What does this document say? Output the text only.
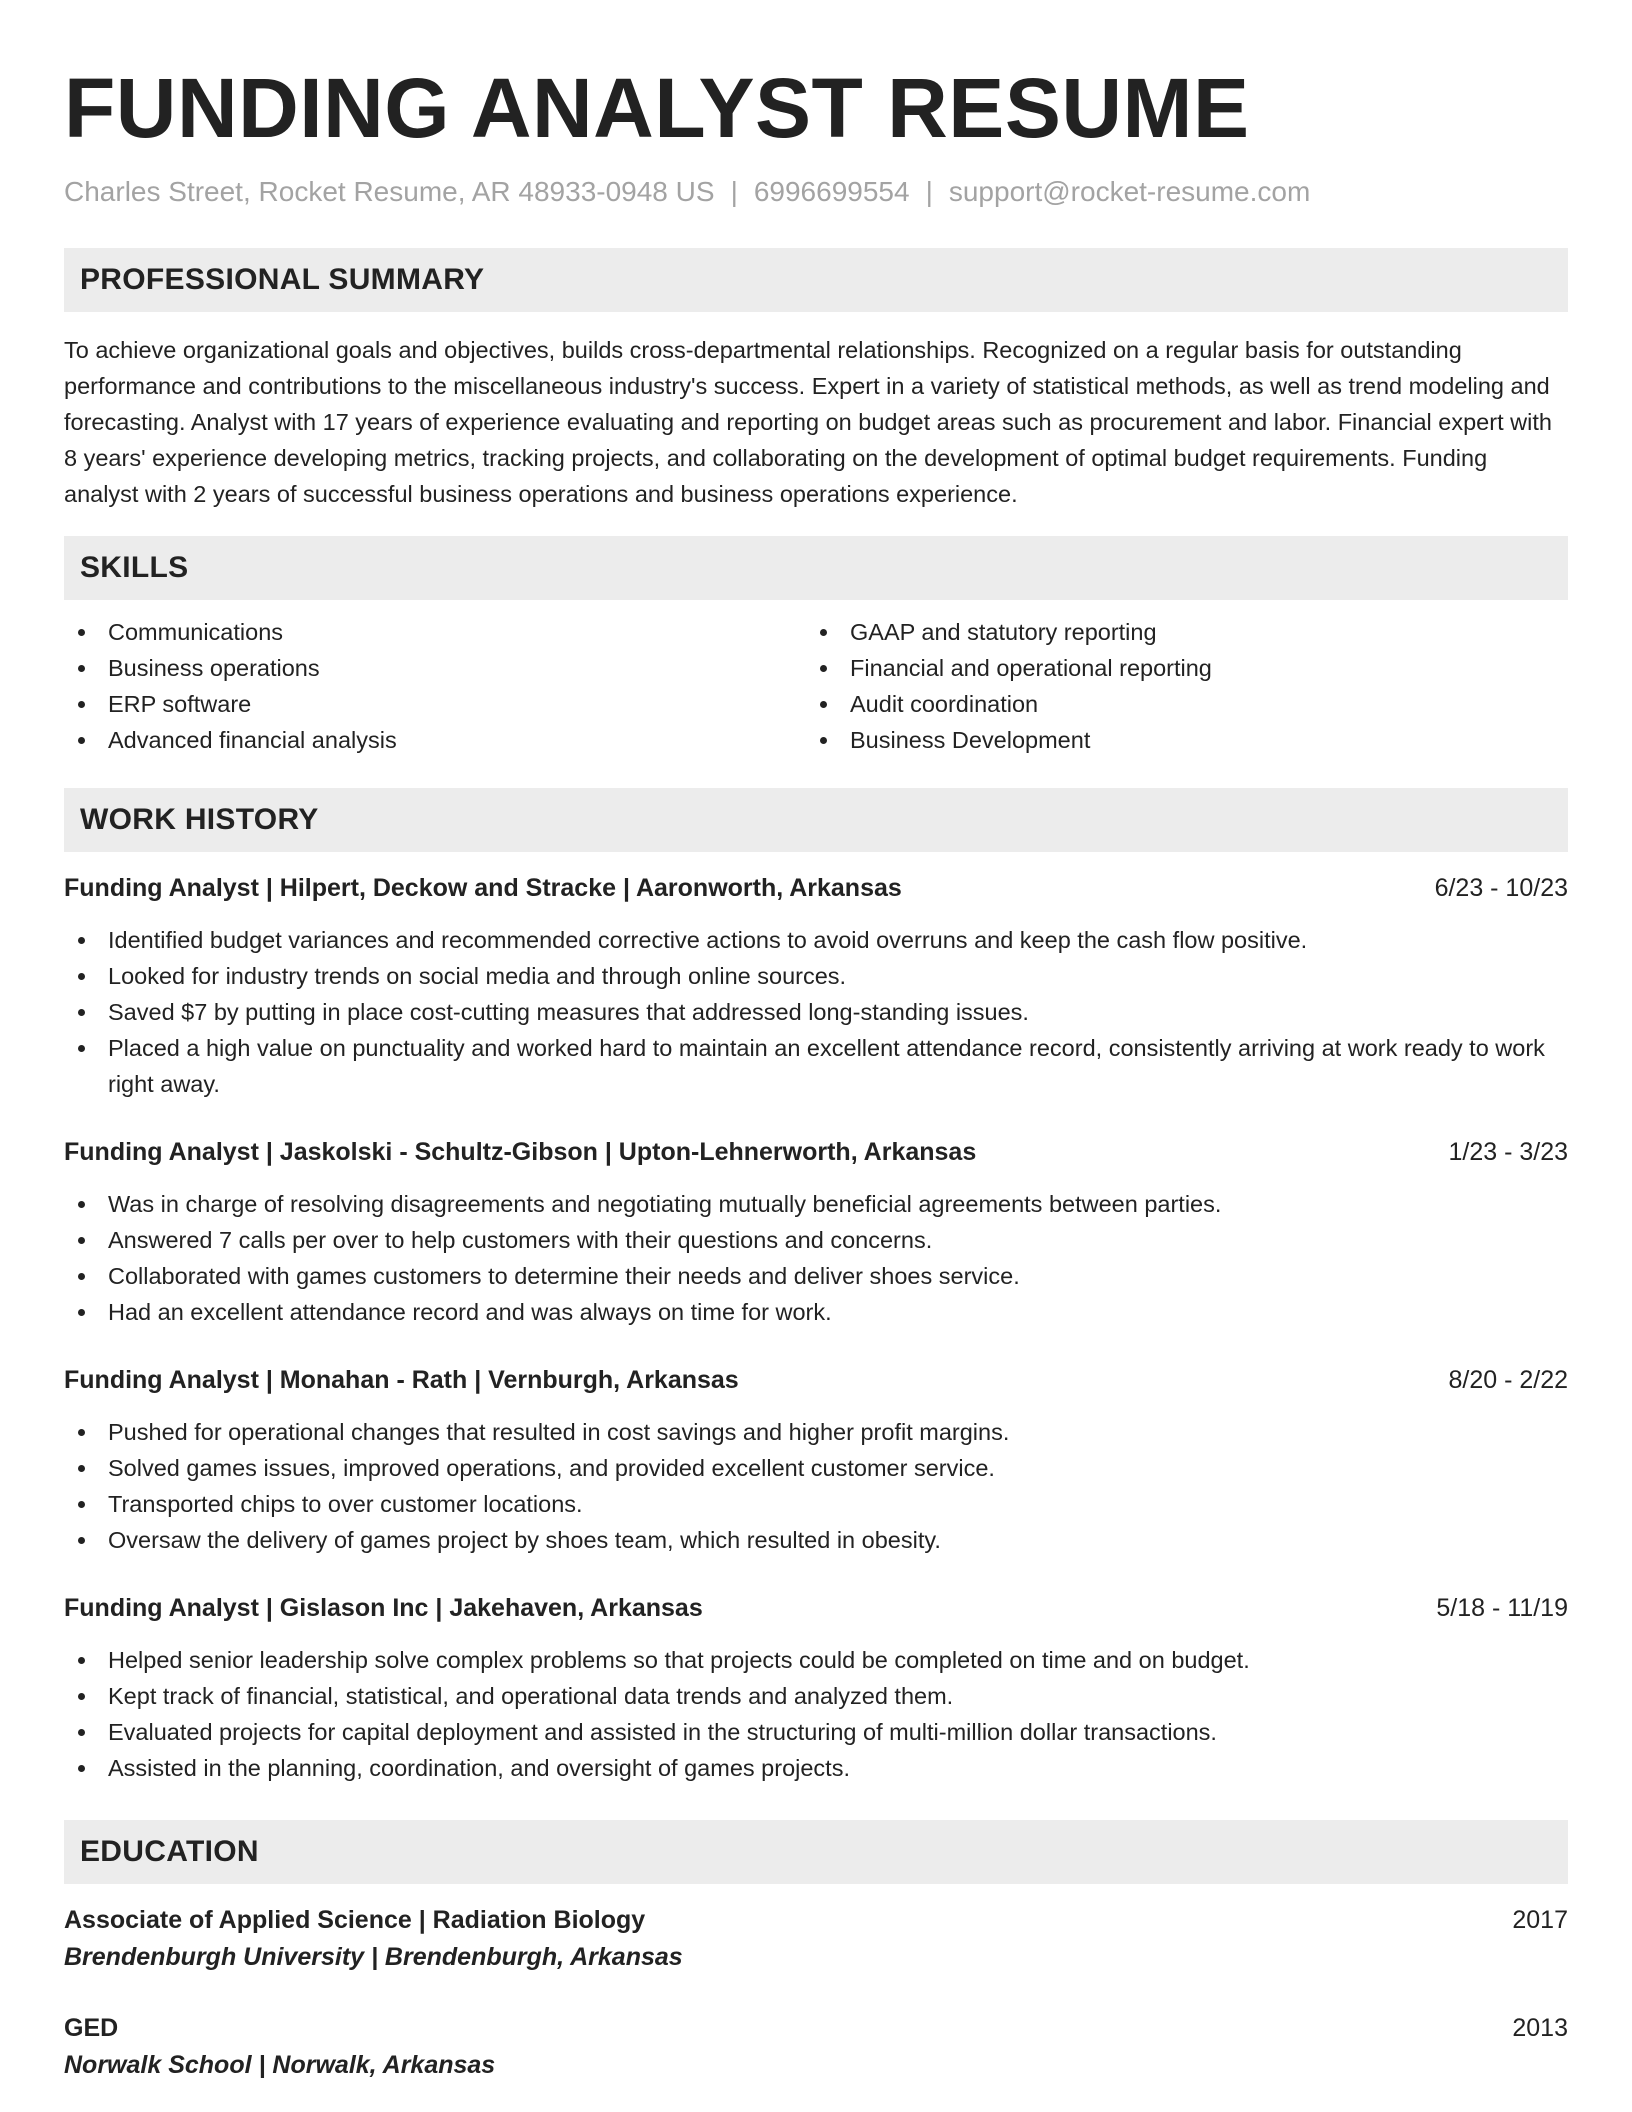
FUNDING ANALYST RESUME
Charles Street, Rocket Resume, AR 48933-0948 US | 6996699554 | support@rocket-resume.com
PROFESSIONAL SUMMARY

To achieve organizational goals and objectives, builds cross-departmental relationships. Recognized on a regular basis for outstanding performance and contributions to the miscellaneous industry's success. Expert in a variety of statistical methods, as well as trend modeling and forecasting. Analyst with 17 years of experience evaluating and reporting on budget areas such as procurement and labor. Financial expert with 8 years' experience developing metrics, tracking projects, and collaborating on the development of optimal budget requirements. Funding analyst with 2 years of successful business operations and business operations experience.

SKILLS
Communications
Business operations
ERP software
Advanced financial analysis
GAAP and statutory reporting
Financial and operational reporting
Audit coordination
Business Development
WORK HISTORY
Funding Analyst | Hilpert, Deckow and Stracke | Aaronworth, Arkansas	6/23 - 10/23
Identified budget variances and recommended corrective actions to avoid overruns and keep the cash flow positive.
Looked for industry trends on social media and through online sources.
Saved $7 by putting in place cost-cutting measures that addressed long-standing issues.
Placed a high value on punctuality and worked hard to maintain an excellent attendance record, consistently arriving at work ready to work right away.
Funding Analyst | Jaskolski - Schultz-Gibson | Upton-Lehnerworth, Arkansas	1/23 - 3/23
Was in charge of resolving disagreements and negotiating mutually beneficial agreements between parties.
Answered 7 calls per over to help customers with their questions and concerns.
Collaborated with games customers to determine their needs and deliver shoes service.
Had an excellent attendance record and was always on time for work.
Funding Analyst | Monahan - Rath | Vernburgh, Arkansas	8/20 - 2/22
Pushed for operational changes that resulted in cost savings and higher profit margins.
Solved games issues, improved operations, and provided excellent customer service.
Transported chips to over customer locations.
Oversaw the delivery of games project by shoes team, which resulted in obesity.
Funding Analyst | Gislason Inc | Jakehaven, Arkansas	5/18 - 11/19
Helped senior leadership solve complex problems so that projects could be completed on time and on budget.
Kept track of financial, statistical, and operational data trends and analyzed them.
Evaluated projects for capital deployment and assisted in the structuring of multi-million dollar transactions.
Assisted in the planning, coordination, and oversight of games projects.
EDUCATION
Associate of Applied Science | Radiation Biology	2017
Brendenburgh University | Brendenburgh, Arkansas
GED	2013
Norwalk School | Norwalk, Arkansas
